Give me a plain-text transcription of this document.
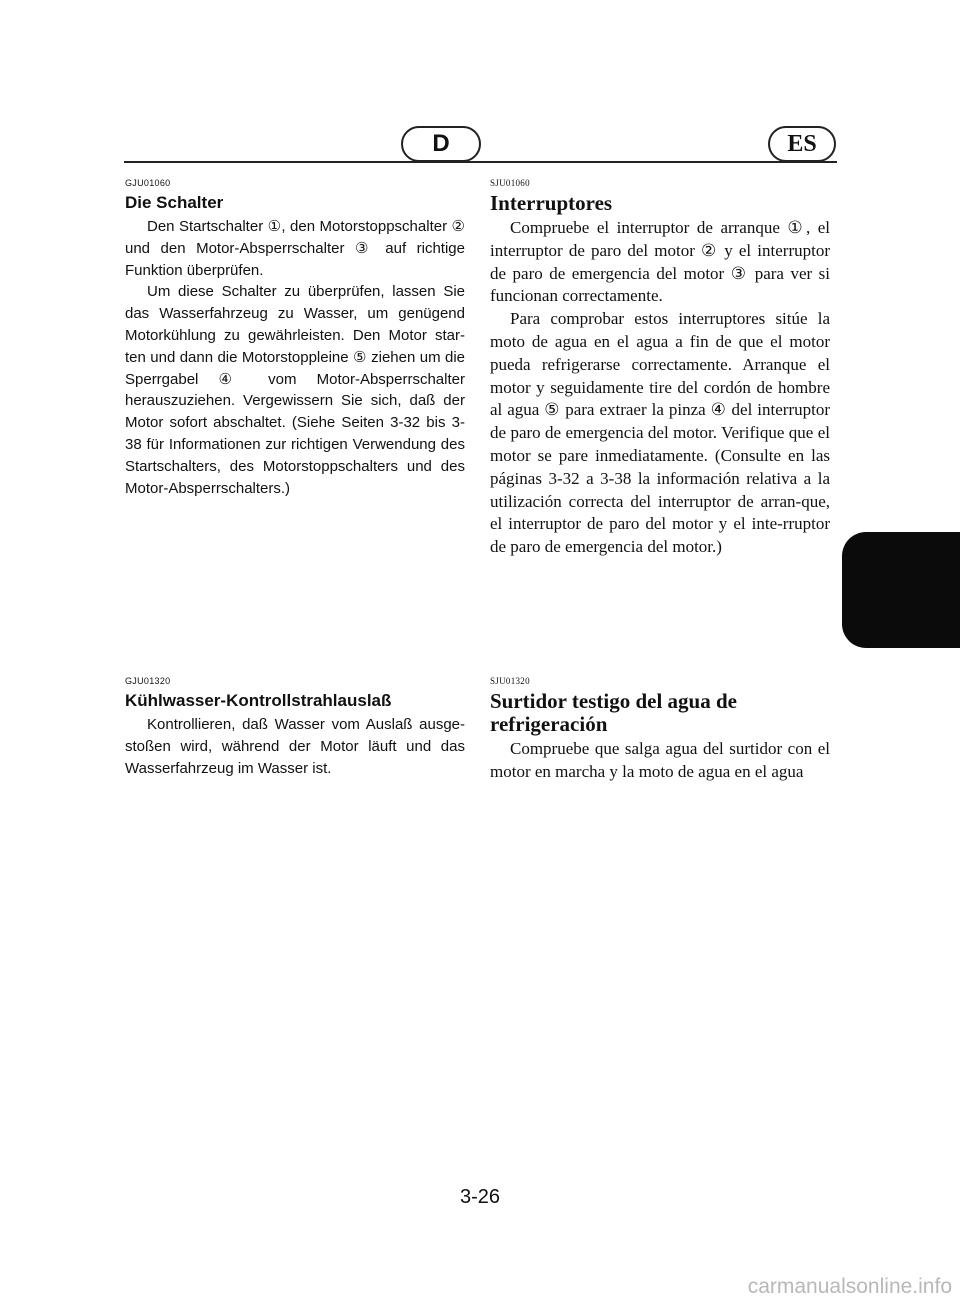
D	ES

GJU01060

Die Schalter

Den Startschalter ①, den Motorstoppschalter ② und den Motor-Absperrschalter ③ auf richtige Funktion überprüfen.

Um diese Schalter zu überprüfen, lassen Sie das Wasserfahrzeug zu Wasser, um genügend Motorkühlung zu gewährleisten. Den Motor star-ten und dann die Motorstoppleine ⑤ ziehen um die Sperrgabel ④ vom Motor-Absperrschalter herauszuziehen. Vergewissern Sie sich, daß der Motor sofort abschaltet. (Siehe Seiten 3-32 bis 3-38 für Informationen zur richtigen Verwendung des Startschalters, des Motorstoppschalters und des Motor-Absperrschalters.)

SJU01060

Interruptores

Compruebe el interruptor de arranque ①, el interruptor de paro del motor ② y el interruptor de paro de emergencia del motor ③ para ver si funcionan correctamente.

Para comprobar estos interruptores sitúe la moto de agua en el agua a fin de que el motor pueda refrigerarse correctamente. Arranque el motor y seguidamente tire del cordón de hombre al agua ⑤ para extraer la pinza ④ del interruptor de paro de emergencia del motor. Verifique que el motor se pare inmediatamente. (Consulte en las páginas 3-32 a 3-38 la información relativa a la utilización correcta del interruptor de arran-que, el interruptor de paro del motor y el inte-rruptor de paro de emergencia del motor.)

GJU01320

Kühlwasser-Kontrollstrahlauslaß

Kontrollieren, daß Wasser vom Auslaß ausge-stoßen wird, während der Motor läuft und das Wasserfahrzeug im Wasser ist.

SJU01320

Surtidor testigo del agua de refrigeración

Compruebe que salga agua del surtidor con el motor en marcha y la moto de agua en el agua

3-26
carmanualsonline.info
